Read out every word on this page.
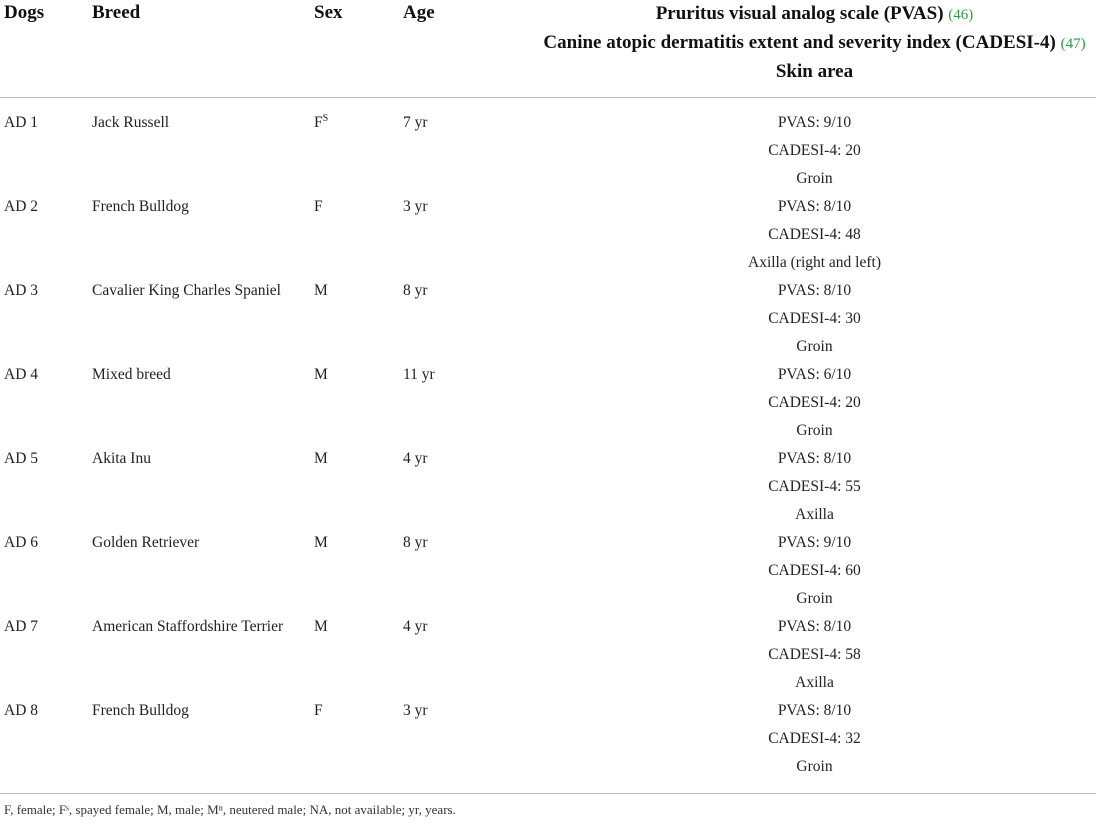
Dogs	Breed	Sex	Age	Pruritus visual analog scale (PVAS) (46)
Canine atopic dermatitis extent and severity index (CADESI-4) (47)
Skin area

AD 1	Jack Russell	$F^S$	7 yr	PVAS: 9/10
CADESI-4: 20
Groin

AD 2	French Bulldog	F	3 yr	PVAS: 8/10
CADESI-4: 48
Axilla (right and left)

AD 3	Cavalier King Charles Spaniel	M	8 yr	PVAS: 8/10
CADESI-4: 30
Groin

AD 4	Mixed breed	M	11 yr	PVAS: 6/10
CADESI-4: 20
Groin

AD 5	Akita Inu	M	4 yr	PVAS: 8/10
CADESI-4: 55
Axilla

AD 6	Golden Retriever	M	8 yr	PVAS: 9/10
CADESI-4: 60
Groin

AD 7	American Staffordshire Terrier	M	4 yr	PVAS: 8/10
CADESI-4: 58
Axilla

AD 8	French Bulldog	F	3 yr	PVAS: 8/10
CADESI-4: 32
Groin
F, female; Fˢ, spayed female; M, male; Mⁿ, neutered male; NA, not available; yr, years.
